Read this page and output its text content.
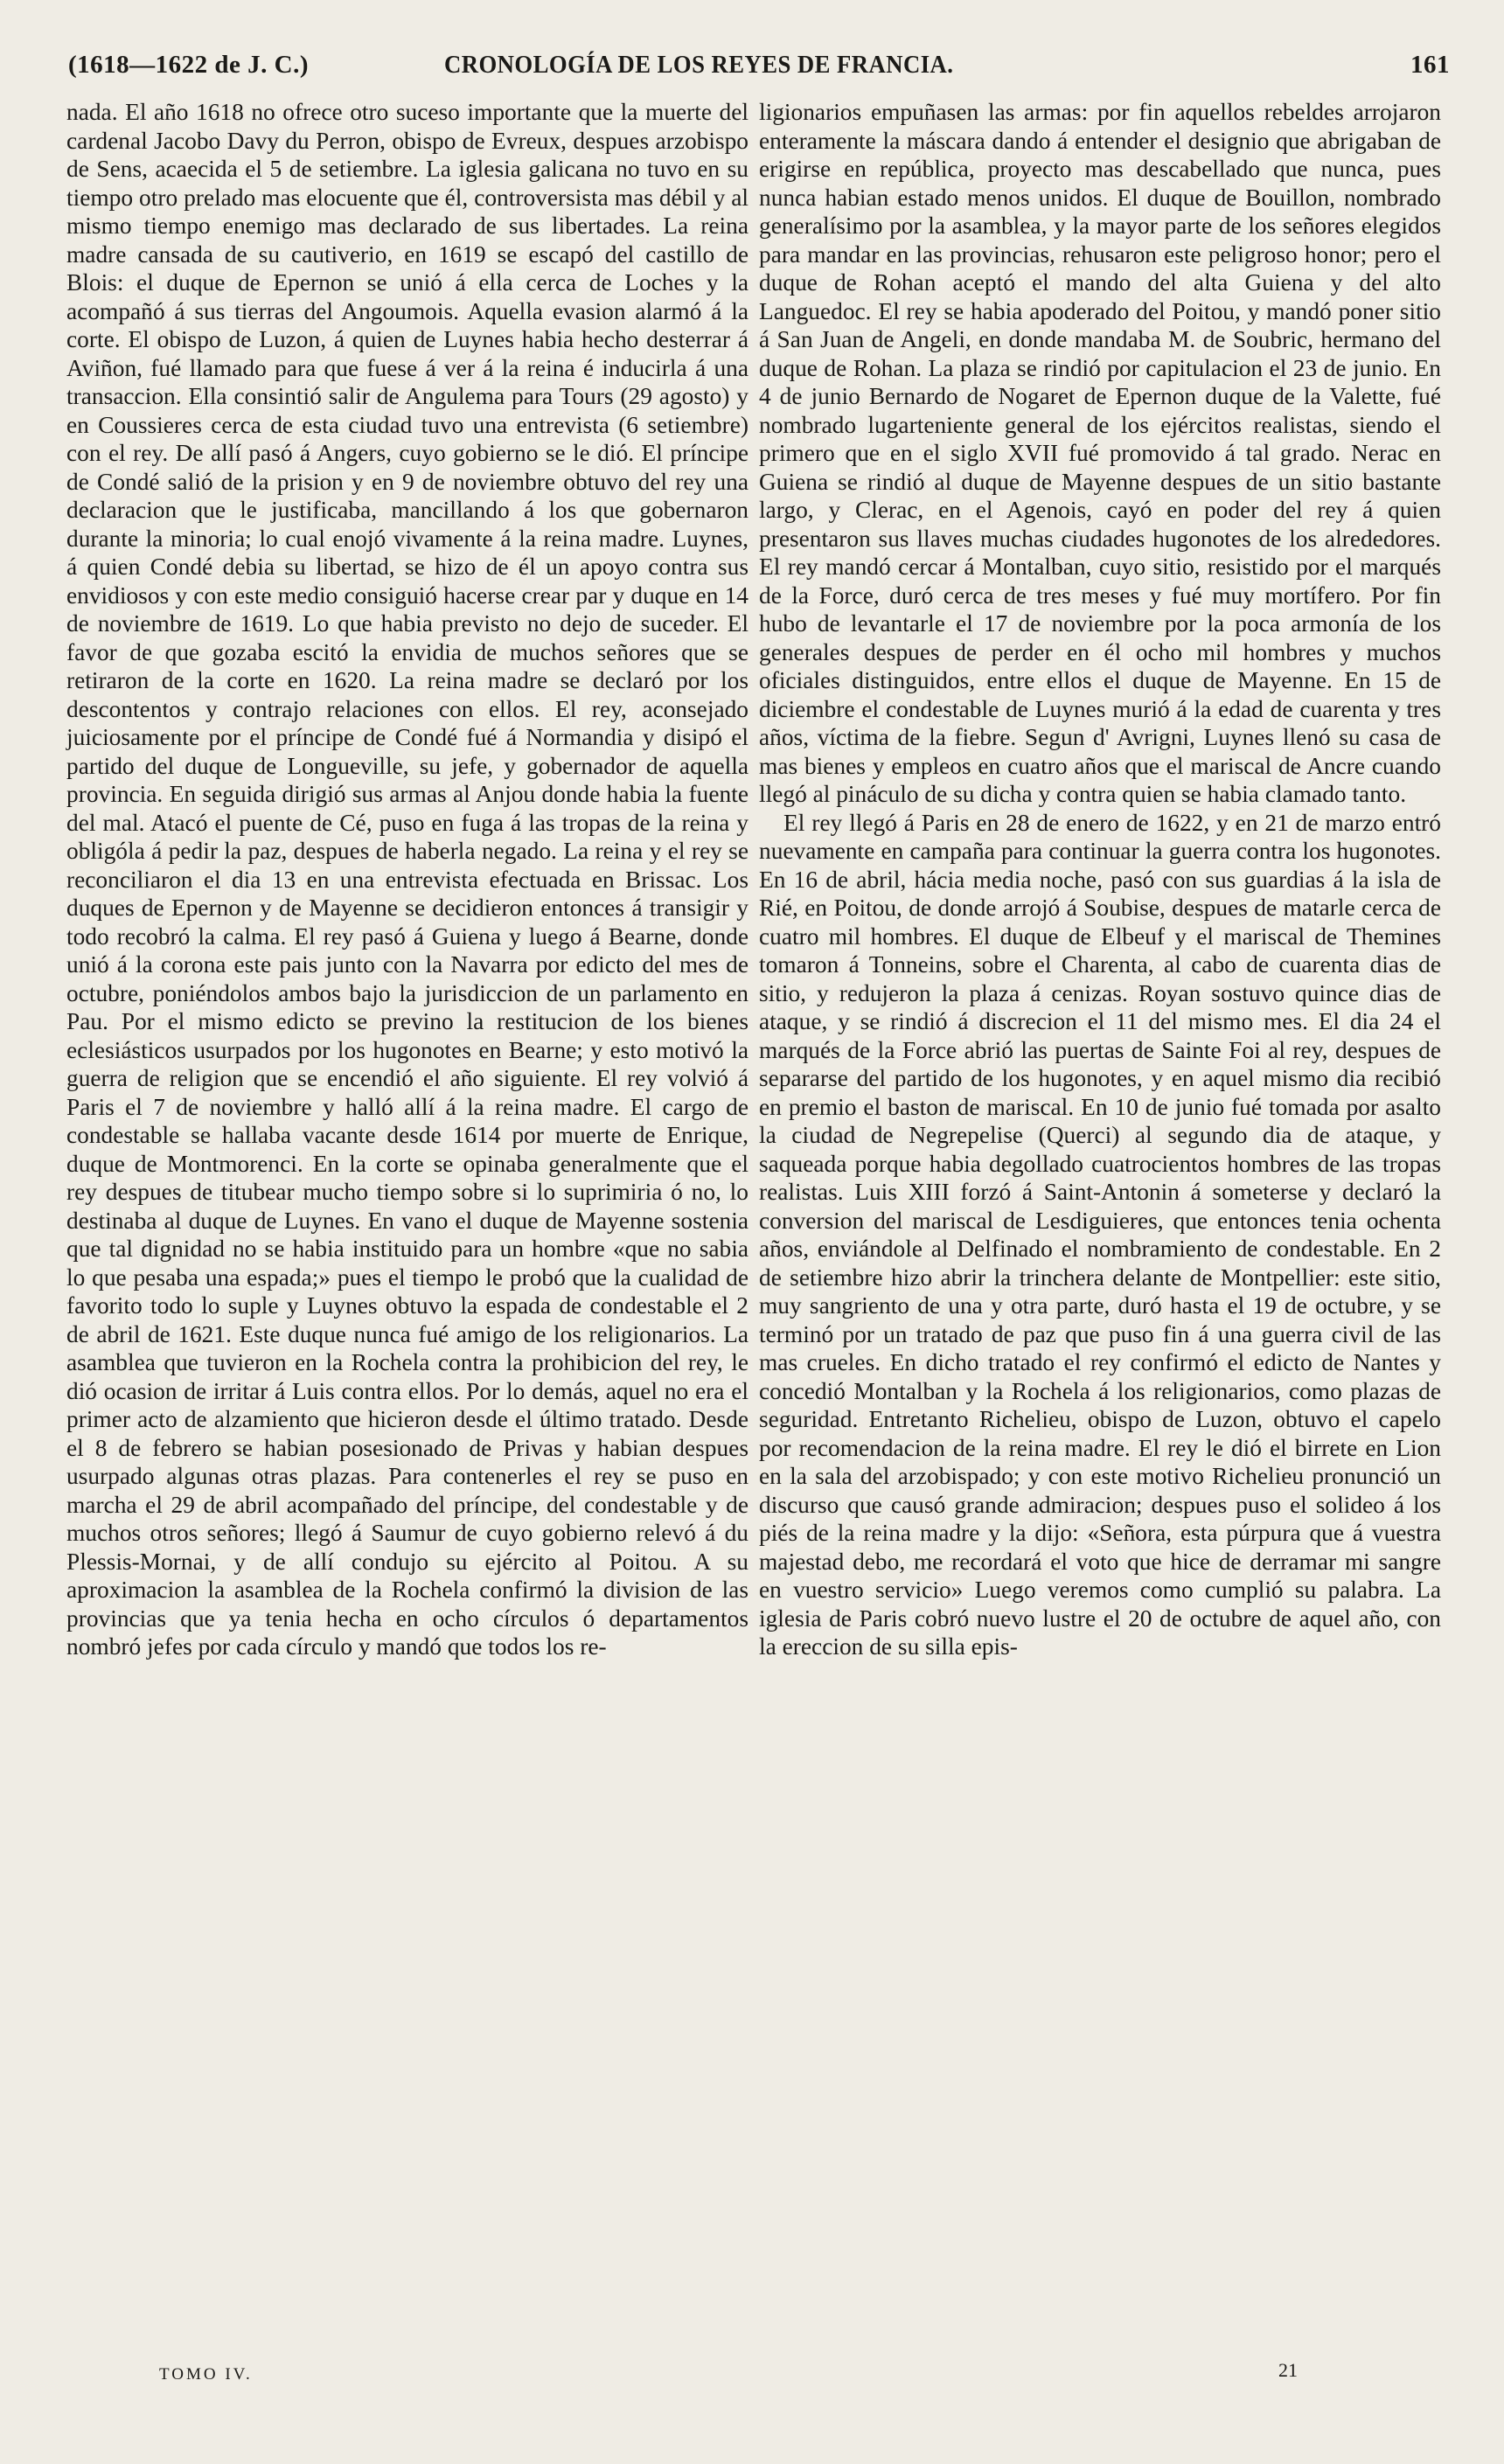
(1618—1622 de J. C.)	CRONOLOGÍA DE LOS REYES DE FRANCIA.	161

nada. El año 1618 no ofrece otro suceso importante que la muerte del cardenal Jacobo Davy du Perron, obispo de Evreux, despues arzobispo de Sens, acaecida el 5 de setiembre. La iglesia galicana no tuvo en su tiempo otro prelado mas elocuente que él, controversista mas débil y al mismo tiempo enemigo mas declarado de sus libertades. La reina madre cansada de su cautiverio, en 1619 se escapó del castillo de Blois: el duque de Epernon se unió á ella cerca de Loches y la acompañó á sus tierras del Angoumois. Aquella evasion alarmó á la corte. El obispo de Luzon, á quien de Luynes habia hecho desterrar á Aviñon, fué llamado para que fuese á ver á la reina é inducirla á una transaccion. Ella consintió salir de Angulema para Tours (29 agosto) y en Coussieres cerca de esta ciudad tuvo una entrevista (6 setiembre) con el rey. De allí pasó á Angers, cuyo gobierno se le dió. El príncipe de Condé salió de la prision y en 9 de noviembre obtuvo del rey una declaracion que le justificaba, mancillando á los que gobernaron durante la minoria; lo cual enojó vivamente á la reina madre. Luynes, á quien Condé debia su libertad, se hizo de él un apoyo contra sus envidiosos y con este medio consiguió hacerse crear par y duque en 14 de noviembre de 1619. Lo que habia previsto no dejo de suceder. El favor de que gozaba escitó la envidia de muchos señores que se retiraron de la corte en 1620. La reina madre se declaró por los descontentos y contrajo relaciones con ellos. El rey, aconsejado juiciosamente por el príncipe de Condé fué á Normandia y disipó el partido del duque de Longueville, su jefe, y gobernador de aquella provincia. En seguida dirigió sus armas al Anjou donde habia la fuente del mal. Atacó el puente de Cé, puso en fuga á las tropas de la reina y obligóla á pedir la paz, despues de haberla negado. La reina y el rey se reconciliaron el dia 13 en una entrevista efectuada en Brissac. Los duques de Epernon y de Mayenne se decidieron entonces á transigir y todo recobró la calma. El rey pasó á Guiena y luego á Bearne, donde unió á la corona este pais junto con la Navarra por edicto del mes de octubre, poniéndolos ambos bajo la jurisdiccion de un parlamento en Pau. Por el mismo edicto se previno la restitucion de los bienes eclesiásticos usurpados por los hugonotes en Bearne; y esto motivó la guerra de religion que se encendió el año siguiente. El rey volvió á Paris el 7 de noviembre y halló allí á la reina madre. El cargo de condestable se hallaba vacante desde 1614 por muerte de Enrique, duque de Montmorenci. En la corte se opinaba generalmente que el rey despues de titubear mucho tiempo sobre si lo suprimiria ó no, lo destinaba al duque de Luynes. En vano el duque de Mayenne sostenia que tal dignidad no se habia instituido para un hombre «que no sabia lo que pesaba una espada;» pues el tiempo le probó que la cualidad de favorito todo lo suple y Luynes obtuvo la espada de condestable el 2 de abril de 1621. Este duque nunca fué amigo de los religionarios. La asamblea que tuvieron en la Rochela contra la prohibicion del rey, le dió ocasion de irritar á Luis contra ellos. Por lo demás, aquel no era el primer acto de alzamiento que hicieron desde el último tratado. Desde el 8 de febrero se habian posesionado de Privas y habian despues usurpado algunas otras plazas. Para contenerles el rey se puso en marcha el 29 de abril acompañado del príncipe, del condestable y de muchos otros señores; llegó á Saumur de cuyo gobierno relevó á du Plessis-Mornai, y de allí condujo su ejército al Poitou. A su aproximacion la asamblea de la Rochela confirmó la division de las provincias que ya tenia hecha en ocho círculos ó departamentos nombró jefes por cada círculo y mandó que todos los re-

ligionarios empuñasen las armas: por fin aquellos rebeldes arrojaron enteramente la máscara dando á entender el designio que abrigaban de erigirse en república, proyecto mas descabellado que nunca, pues nunca habian estado menos unidos. El duque de Bouillon, nombrado generalísimo por la asamblea, y la mayor parte de los señores elegidos para mandar en las provincias, rehusaron este peligroso honor; pero el duque de Rohan aceptó el mando del alta Guiena y del alto Languedoc. El rey se habia apoderado del Poitou, y mandó poner sitio á San Juan de Angeli, en donde mandaba M. de Soubric, hermano del duque de Rohan. La plaza se rindió por capitulacion el 23 de junio. En 4 de junio Bernardo de Nogaret de Epernon duque de la Valette, fué nombrado lugarteniente general de los ejércitos realistas, siendo el primero que en el siglo XVII fué promovido á tal grado. Nerac en Guiena se rindió al duque de Mayenne despues de un sitio bastante largo, y Clerac, en el Agenois, cayó en poder del rey á quien presentaron sus llaves muchas ciudades hugonotes de los alrededores. El rey mandó cercar á Montalban, cuyo sitio, resistido por el marqués de la Force, duró cerca de tres meses y fué muy mortífero. Por fin hubo de levantarle el 17 de noviembre por la poca armonía de los generales despues de perder en él ocho mil hombres y muchos oficiales distinguidos, entre ellos el duque de Mayenne. En 15 de diciembre el condestable de Luynes murió á la edad de cuarenta y tres años, víctima de la fiebre. Segun d' Avrigni, Luynes llenó su casa de mas bienes y empleos en cuatro años que el mariscal de Ancre cuando llegó al pináculo de su dicha y contra quien se habia clamado tanto.

El rey llegó á Paris en 28 de enero de 1622, y en 21 de marzo entró nuevamente en campaña para continuar la guerra contra los hugonotes. En 16 de abril, hácia media noche, pasó con sus guardias á la isla de Rié, en Poitou, de donde arrojó á Soubise, despues de matarle cerca de cuatro mil hombres. El duque de Elbeuf y el mariscal de Themines tomaron á Tonneins, sobre el Charenta, al cabo de cuarenta dias de sitio, y redujeron la plaza á cenizas. Royan sostuvo quince dias de ataque, y se rindió á discrecion el 11 del mismo mes. El dia 24 el marqués de la Force abrió las puertas de Sainte Foi al rey, despues de separarse del partido de los hugonotes, y en aquel mismo dia recibió en premio el baston de mariscal. En 10 de junio fué tomada por asalto la ciudad de Negrepelise (Querci) al segundo dia de ataque, y saqueada porque habia degollado cuatrocientos hombres de las tropas realistas. Luis XIII forzó á Saint-Antonin á someterse y declaró la conversion del mariscal de Lesdiguieres, que entonces tenia ochenta años, enviándole al Delfinado el nombramiento de condestable. En 2 de setiembre hizo abrir la trinchera delante de Montpellier: este sitio, muy sangriento de una y otra parte, duró hasta el 19 de octubre, y se terminó por un tratado de paz que puso fin á una guerra civil de las mas crueles. En dicho tratado el rey confirmó el edicto de Nantes y concedió Montalban y la Rochela á los religionarios, como plazas de seguridad. Entretanto Richelieu, obispo de Luzon, obtuvo el capelo por recomendacion de la reina madre. El rey le dió el birrete en Lion en la sala del arzobispado; y con este motivo Richelieu pronunció un discurso que causó grande admiracion; despues puso el solideo á los piés de la reina madre y la dijo: «Señora, esta púrpura que á vuestra majestad debo, me recordará el voto que hice de derramar mi sangre en vuestro servicio» Luego veremos como cumplió su palabra. La iglesia de Paris cobró nuevo lustre el 20 de octubre de aquel año, con la ereccion de su silla epis-

TOMO IV.	21
